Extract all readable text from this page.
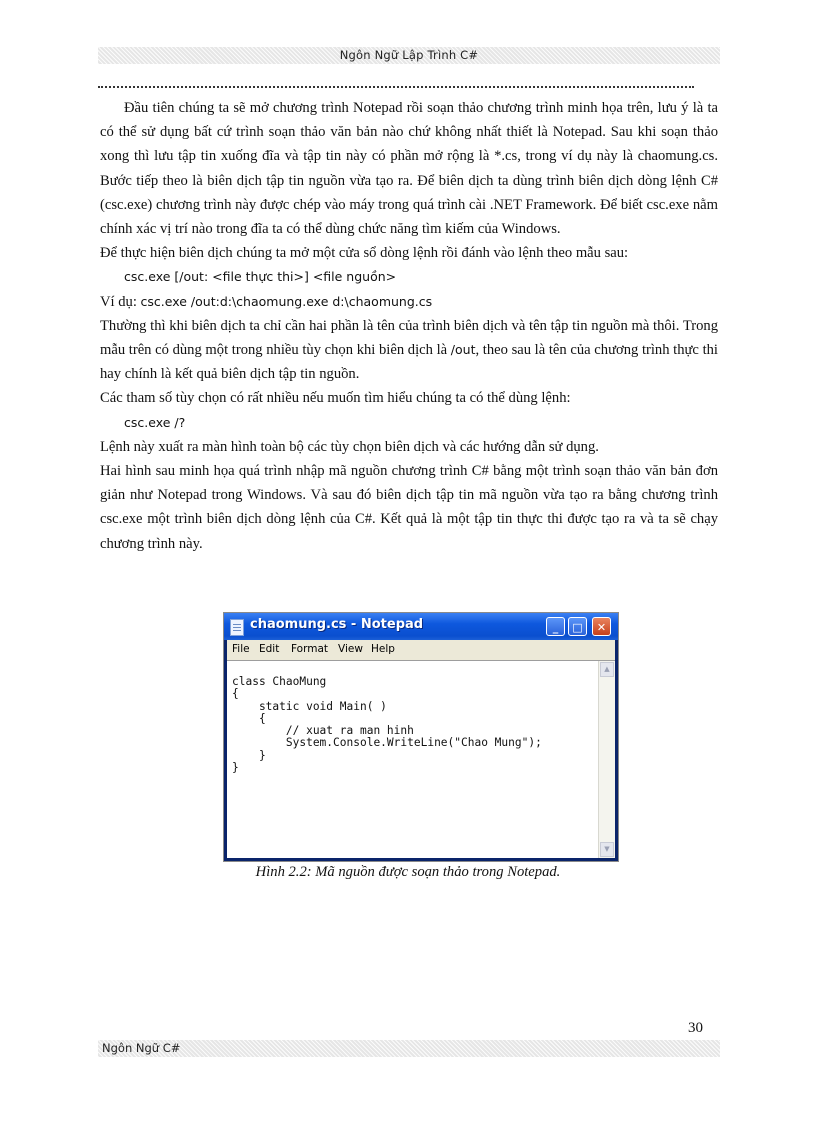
Ngôn Ngữ Lập Trình C#

Đầu tiên chúng ta sẽ mở chương trình Notepad rồi soạn thảo chương trình minh họa trên, lưu ý là ta có thể sử dụng bất cứ trình soạn thảo văn bản nào chứ không nhất thiết là Notepad. Sau khi soạn thảo xong thì lưu tập tin xuống đĩa và tập tin này có phần mở rộng là *.cs, trong ví dụ này là chaomung.cs. Bước tiếp theo là biên dịch tập tin nguồn vừa tạo ra. Để biên dịch ta dùng trình biên dịch dòng lệnh C# (csc.exe) chương trình này được chép vào máy trong quá trình cài .NET Framework. Để biết csc.exe nằm chính xác vị trí nào trong đĩa ta có thể dùng chức năng tìm kiếm của Windows.

Để thực hiện biên dịch chúng ta mở một cửa sổ dòng lệnh rồi đánh vào lệnh theo mẫu sau:

csc.exe [/out: <file thực thi>] <file nguồn>

Ví dụ: csc.exe /out:d:\chaomung.exe d:\chaomung.cs

Thường thì khi biên dịch ta chỉ cần hai phần là tên của trình biên dịch và tên tập tin nguồn mà thôi. Trong mẫu trên có dùng một trong nhiều tùy chọn khi biên dịch là /out, theo sau là tên của chương trình thực thi hay chính là kết quả biên dịch tập tin nguồn.

Các tham số tùy chọn có rất nhiều nếu muốn tìm hiểu chúng ta có thể dùng lệnh:

csc.exe /?

Lệnh này xuất ra màn hình toàn bộ các tùy chọn biên dịch và các hướng dẫn sử dụng.

Hai hình sau minh họa quá trình nhập mã nguồn chương trình C# bằng một trình soạn thảo văn bản đơn giản như Notepad trong Windows. Và sau đó biên dịch tập tin mã nguồn vừa tạo ra bằng chương trình csc.exe một trình biên dịch dòng lệnh của C#. Kết quả là một tập tin thực thi được tạo ra và ta sẽ chạy chương trình này.

chaomung.cs - Notepad	_	□	✕
File Edit Format View Help
class ChaoMung
{
static void Main( )
{
// xuat ra man hinh
System.Console.WriteLine("Chao Mung");
}
}
▲
▼
Hình 2.2: Mã nguồn được soạn thảo trong Notepad.
30
Ngôn Ngữ C#
